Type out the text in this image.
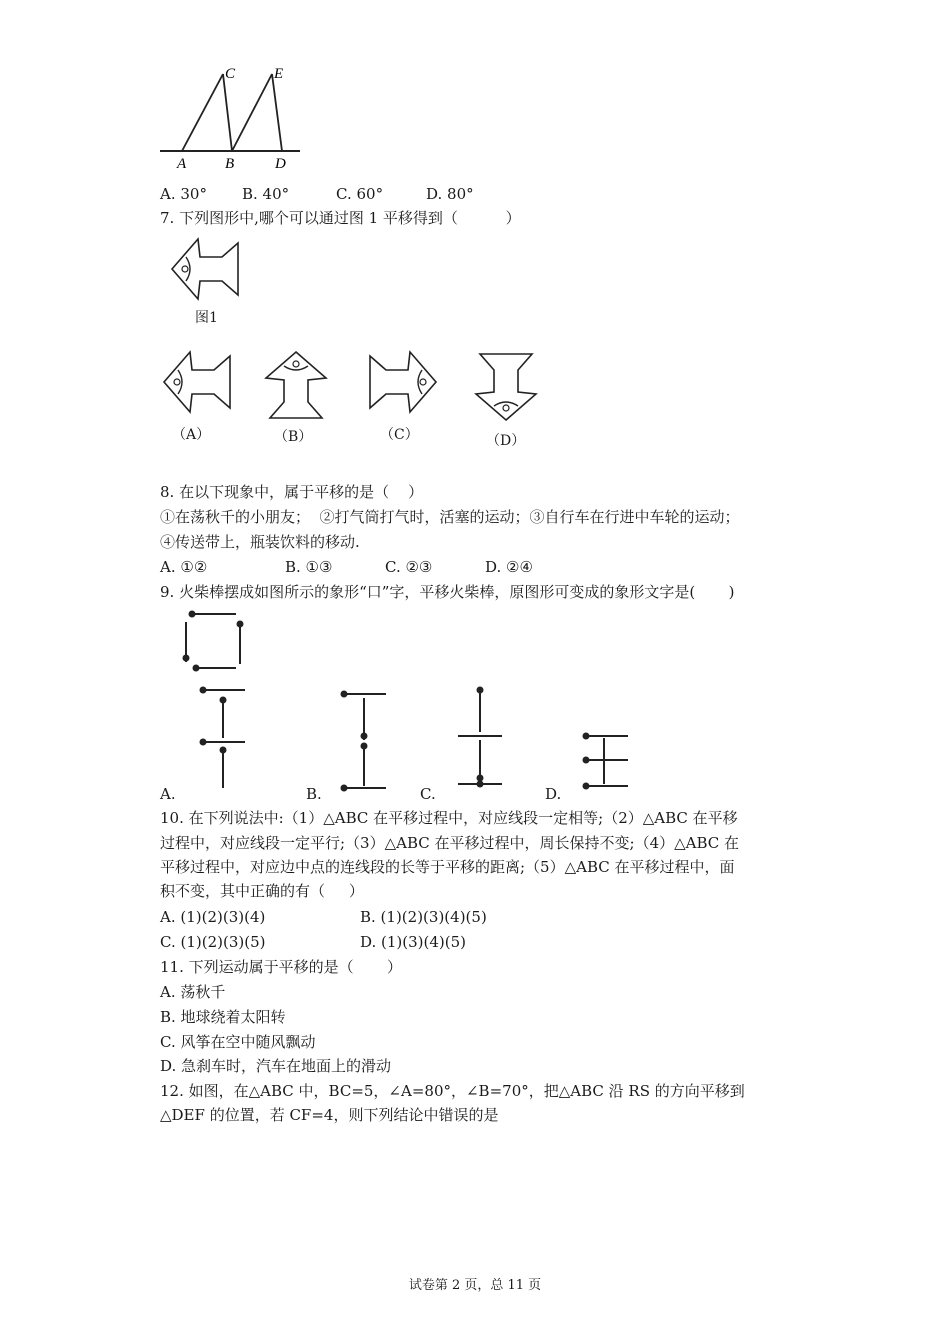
C	E
A	B	D
A. 30° B. 40°	C. 60°	D. 80°
7. 下列图形中,哪个可以通过图 1 平移得到（          ）
图1
（A）	（B）	（C）	（D）
8. 在以下现象中，属于平移的是（    ）
①在荡秋千的小朋友；  ②打气筒打气时，活塞的运动；③自行车在行进中车轮的运动；
④传送带上，瓶装饮料的移动.
A. ①②	B. ①③	C. ②③	D. ②④
9. 火柴棒摆成如图所示的象形“口”字，平移火柴棒，原图形可变成的象形文字是(       )
A.	B.	C.	D.
10. 在下列说法中:（1）△ABC 在平移过程中，对应线段一定相等;（2）△ABC 在平移
过程中，对应线段一定平行;（3）△ABC 在平移过程中，周长保持不变;（4）△ABC 在
平移过程中，对应边中点的连线段的长等于平移的距离;（5）△ABC 在平移过程中，面
积不变，其中正确的有（     ）
A. (1)(2)(3)(4)	B. (1)(2)(3)(4)(5)
C. (1)(2)(3)(5)	D. (1)(3)(4)(5)
11. 下列运动属于平移的是（       ）
A. 荡秋千
B. 地球绕着太阳转
C. 风筝在空中随风飘动
D. 急刹车时，汽车在地面上的滑动
12. 如图，在△ABC 中，BC=5，∠A=80°，∠B=70°，把△ABC 沿 RS 的方向平移到
△DEF 的位置，若 CF=4，则下列结论中错误的是
试卷第 2 页，总 11 页
